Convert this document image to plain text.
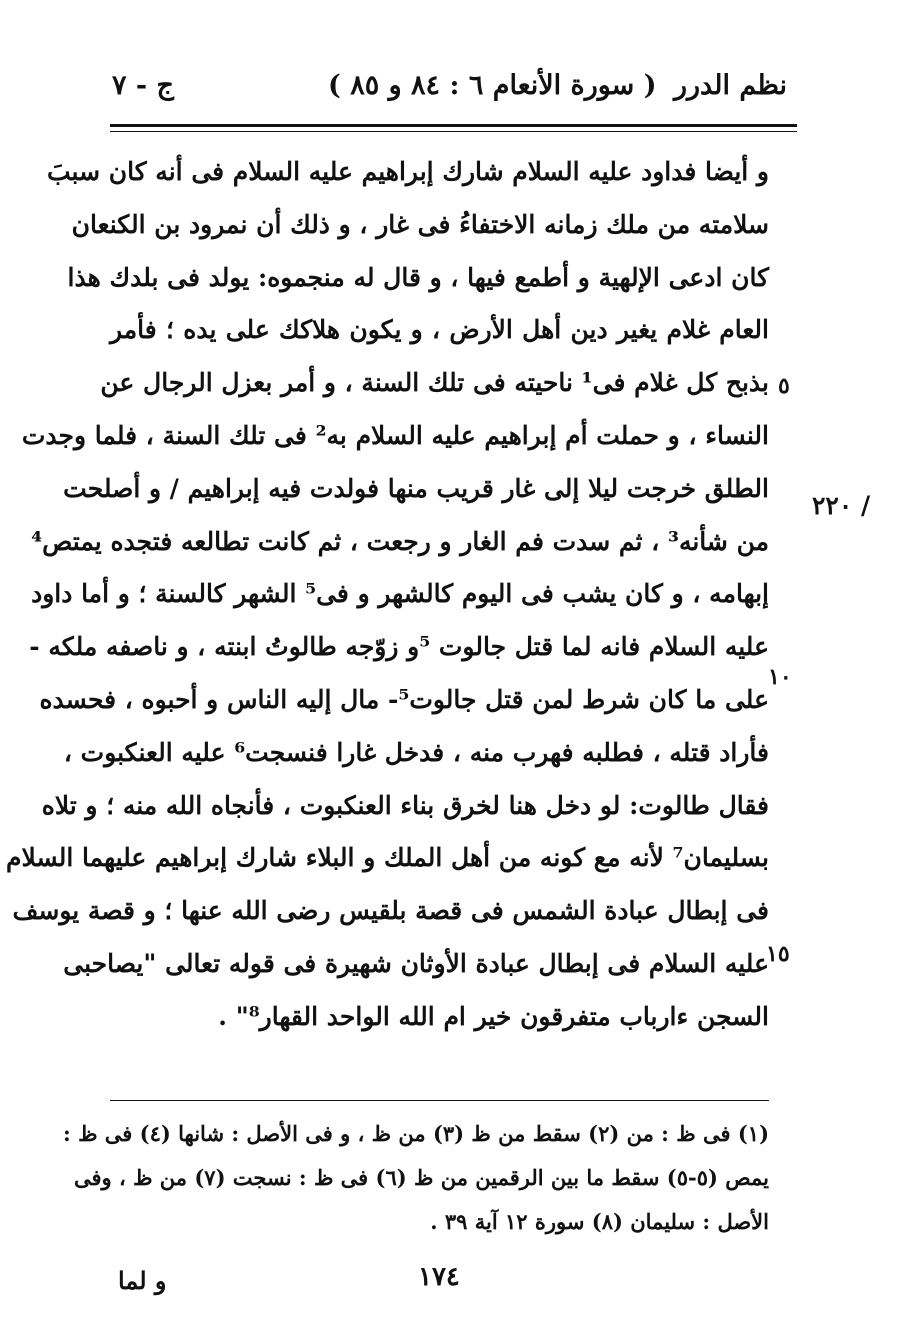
نظم الدرر
( سورة الأنعام ٦ : ٨٤ و ٨٥ )
ج - ٧
و أيضا فداود عليه السلام شارك إبراهيم عليه السلام فى أنه كان سببَ
سلامته من ملك زمانه الاختفاءُ فى غار ، و ذلك أن نمرود بن الكنعان
كان ادعى الإلهية و أطمع فيها ، و قال له منجموه: يولد فى بلدك هذا
العام غلام يغير دين أهل الأرض ، و يكون هلاكك على يده ؛ فأمر
بذبح كل غلام فى¹ ناحيته فى تلك السنة ، و أمر بعزل الرجال عن
النساء ، و حملت أم إبراهيم عليه السلام به² فى تلك السنة ، فلما وجدت
الطلق خرجت ليلا إلى غار قريب منها فولدت فيه إبراهيم / و أصلحت
من شأنه³ ، ثم سدت فم الغار و رجعت ، ثم كانت تطالعه فتجده يمتص⁴
إبهامه ، و كان يشب فى اليوم كالشهر و فى⁵ الشهر كالسنة ؛ و أما داود
عليه السلام فانه لما قتل جالوت ⁵و زوّجه طالوتُ ابنته ، و ناصفه ملكه -
على ما كان شرط لمن قتل جالوت⁵- مال إليه الناس و أحبوه ، فحسده
فأراد قتله ، فطلبه فهرب منه ، فدخل غارا فنسجت⁶ عليه العنكبوت ،
فقال طالوت: لو دخل هنا لخرق بناء العنكبوت ، فأنجاه الله منه ؛ و تلاه
بسليمان⁷ لأنه مع كونه من أهل الملك و البلاء شارك إبراهيم عليهما السلام
فى إبطال عبادة الشمس فى قصة بلقيس رضى الله عنها ؛ و قصة يوسف
عليه السلام فى إبطال عبادة الأوثان شهيرة فى قوله تعالى "يصاحبى
السجن ءارباب متفرقون خير ام الله الواحد القهار⁸" .
٥
١٠
١٥
٢٢٠ /
(١) فى ظ : من (٢) سقط من ظ (٣) من ظ ، و فى الأصل : شانها (٤) فى ظ :
يمص (٥-٥) سقط ما بين الرقمين من ظ (٦) فى ظ : نسجت (٧) من ظ ، وفى
الأصل : سليمان (٨) سورة ١٢ آية ٣٩ .
١٧٤
و لما
